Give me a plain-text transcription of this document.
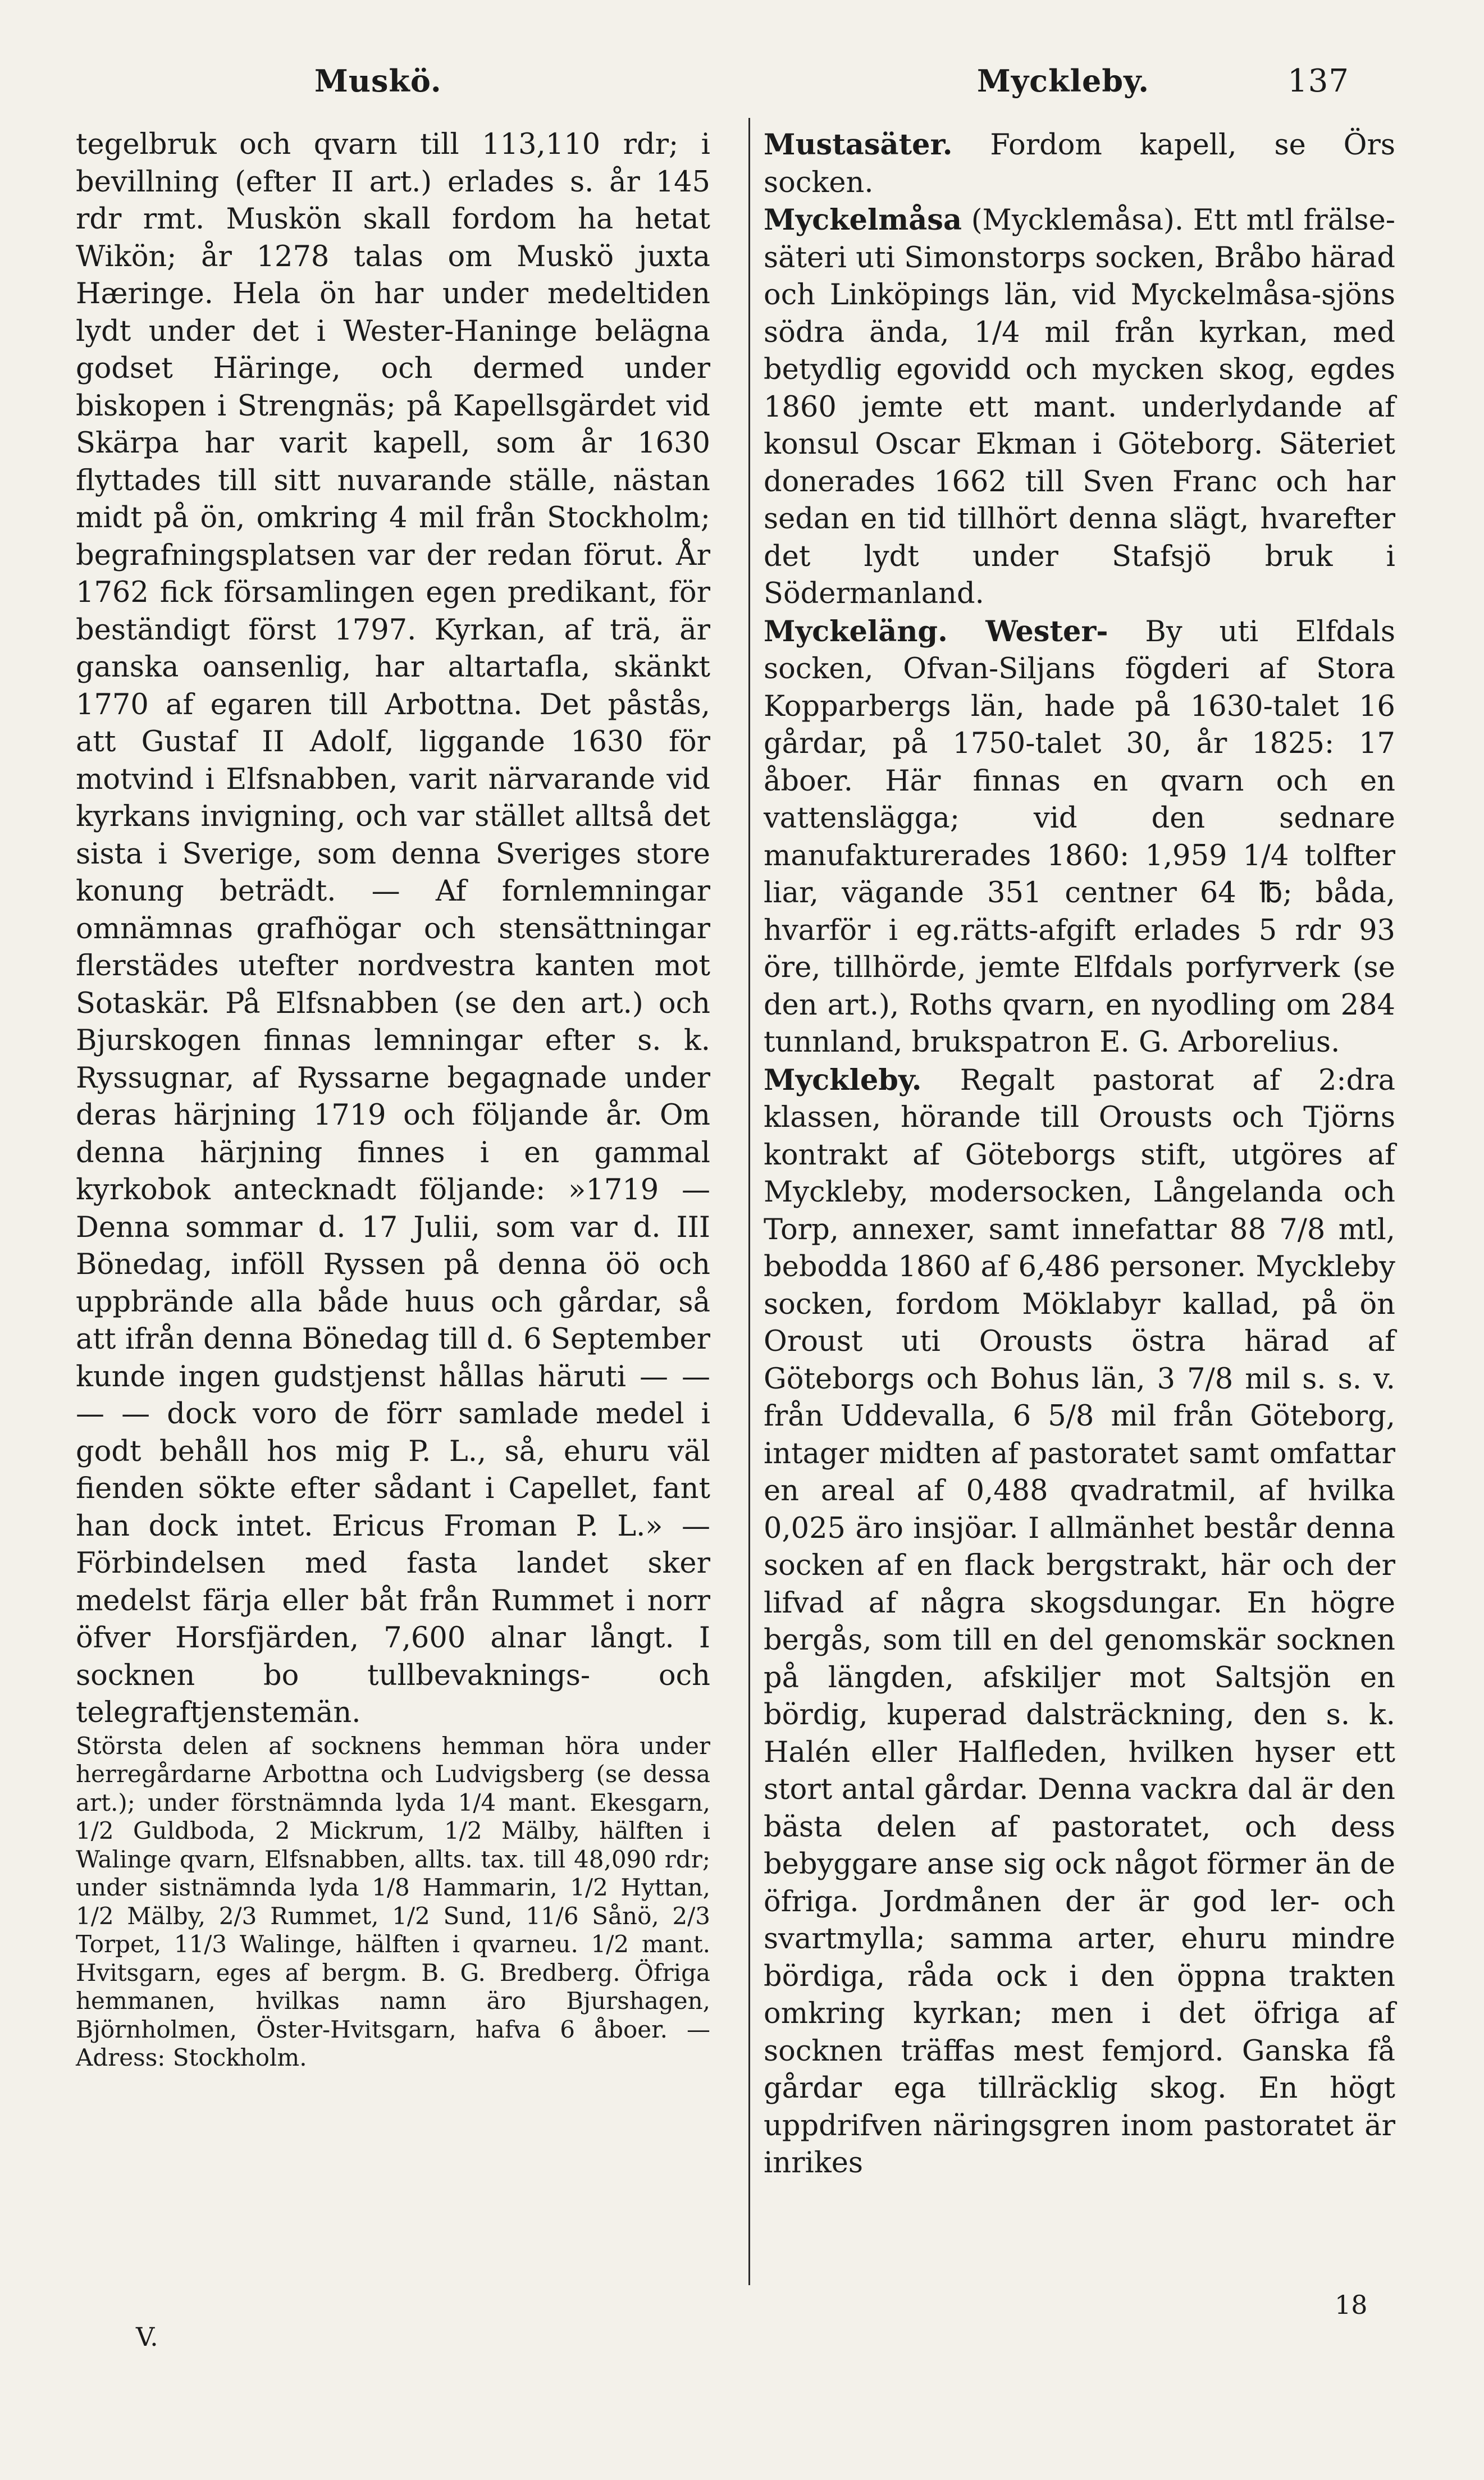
Muskö.	Myckleby.	137

tegelbruk och qvarn till 113,110 rdr; i bevillning (efter II art.) erlades s. år 145 rdr rmt. Muskön skall fordom ha hetat Wikön; år 1278 talas om Muskö juxta Hæringe. Hela ön har under medeltiden lydt under det i Wester-Haninge belägna godset Häringe, och dermed under biskopen i Strengnäs; på Kapellsgärdet vid Skärpa har varit kapell, som år 1630 flyttades till sitt nuvarande ställe, nästan midt på ön, omkring 4 mil från Stockholm; begrafningsplatsen var der redan förut. År 1762 fick församlingen egen predikant, för beständigt först 1797. Kyrkan, af trä, är ganska oansenlig, har altartafla, skänkt 1770 af egaren till Arbottna. Det påstås, att Gustaf II Adolf, liggande 1630 för motvind i Elfsnabben, varit närvarande vid kyrkans invigning, och var stället alltså det sista i Sverige, som denna Sveriges store konung beträdt. — Af fornlemningar omnämnas grafhögar och stensättningar flerstädes utefter nordvestra kanten mot Sotaskär. På Elfsnabben (se den art.) och Bjurskogen finnas lemningar efter s. k. Ryssugnar, af Ryssarne begagnade under deras härjning 1719 och följande år. Om denna härjning finnes i en gammal kyrkobok antecknadt följande: »1719 — Denna sommar d. 17 Julii, som var d. III Bönedag, inföll Ryssen på denna öö och uppbrände alla både huus och gårdar, så att ifrån denna Bönedag till d. 6 September kunde ingen gudstjenst hållas häruti — — — — dock voro de förr samlade medel i godt behåll hos mig P. L., så, ehuru väl fienden sökte efter sådant i Capellet, fant han dock intet. Ericus Froman P. L.» — Förbindelsen med fasta landet sker medelst färja eller båt från Rummet i norr öfver Horsfjärden, 7,600 alnar långt. I socknen bo tullbevaknings- och telegraftjenstemän.

Största delen af socknens hemman höra under herregårdarne Arbottna och Ludvigsberg (se dessa art.); under förstnämnda lyda 1/4 mant. Ekesgarn, 1/2 Guldboda, 2 Mickrum, 1/2 Mälby, hälften i Walinge qvarn, Elfsnabben, allts. tax. till 48,090 rdr; under sistnämnda lyda 1/8 Hammarin, 1/2 Hyttan, 1/2 Mälby, 2/3 Rummet, 1/2 Sund, 11/6 Sånö, 2/3 Torpet, 11/3 Walinge, hälften i qvarneu. 1/2 mant. Hvitsgarn, eges af bergm. B. G. Bredberg. Öfriga hemmanen, hvilkas namn äro Bjurshagen, Björnholmen, Öster-Hvitsgarn, hafva 6 åboer. — Adress: Stockholm.

Mustasäter. Fordom kapell, se Örs socken.

Myckelmåsa (Mycklemåsa). Ett mtl frälse-säteri uti Simonstorps socken, Bråbo härad och Linköpings län, vid Myckelmåsa-sjöns södra ända, 1/4 mil från kyrkan, med betydlig egovidd och mycken skog, egdes 1860 jemte ett mant. underlydande af konsul Oscar Ekman i Göteborg. Säteriet donerades 1662 till Sven Franc och har sedan en tid tillhört denna slägt, hvarefter det lydt under Stafsjö bruk i Södermanland.

Myckeläng. Wester- By uti Elfdals socken, Ofvan-Siljans fögderi af Stora Kopparbergs län, hade på 1630-talet 16 gårdar, på 1750-talet 30, år 1825: 17 åboer. Här finnas en qvarn och en vattenslägga; vid den sednare manufakturerades 1860: 1,959 1/4 tolfter liar, vägande 351 centner 64 ℔; båda, hvarför i eg.rätts-afgift erlades 5 rdr 93 öre, tillhörde, jemte Elfdals porfyrverk (se den art.), Roths qvarn, en nyodling om 284 tunnland, brukspatron E. G. Arborelius.

Myckleby. Regalt pastorat af 2:dra klassen, hörande till Orousts och Tjörns kontrakt af Göteborgs stift, utgöres af Myckleby, modersocken, Långelanda och Torp, annexer, samt innefattar 88 7/8 mtl, bebodda 1860 af 6,486 personer. Myckleby socken, fordom Möklabyr kallad, på ön Oroust uti Orousts östra härad af Göteborgs och Bohus län, 3 7/8 mil s. s. v. från Uddevalla, 6 5/8 mil från Göteborg, intager midten af pastoratet samt omfattar en areal af 0,488 qvadratmil, af hvilka 0,025 äro insjöar. I allmänhet består denna socken af en flack bergstrakt, här och der lifvad af några skogsdungar. En högre bergås, som till en del genomskär socknen på längden, afskiljer mot Saltsjön en bördig, kuperad dalsträckning, den s. k. Halén eller Halfleden, hvilken hyser ett stort antal gårdar. Denna vackra dal är den bästa delen af pastoratet, och dess bebyggare anse sig ock något förmer än de öfriga. Jordmånen der är god ler- och svartmylla; samma arter, ehuru mindre bördiga, råda ock i den öppna trakten omkring kyrkan; men i det öfriga af socknen träffas mest femjord. Ganska få gårdar ega tillräcklig skog. En högt uppdrifven näringsgren inom pastoratet är inrikes

V.
18
